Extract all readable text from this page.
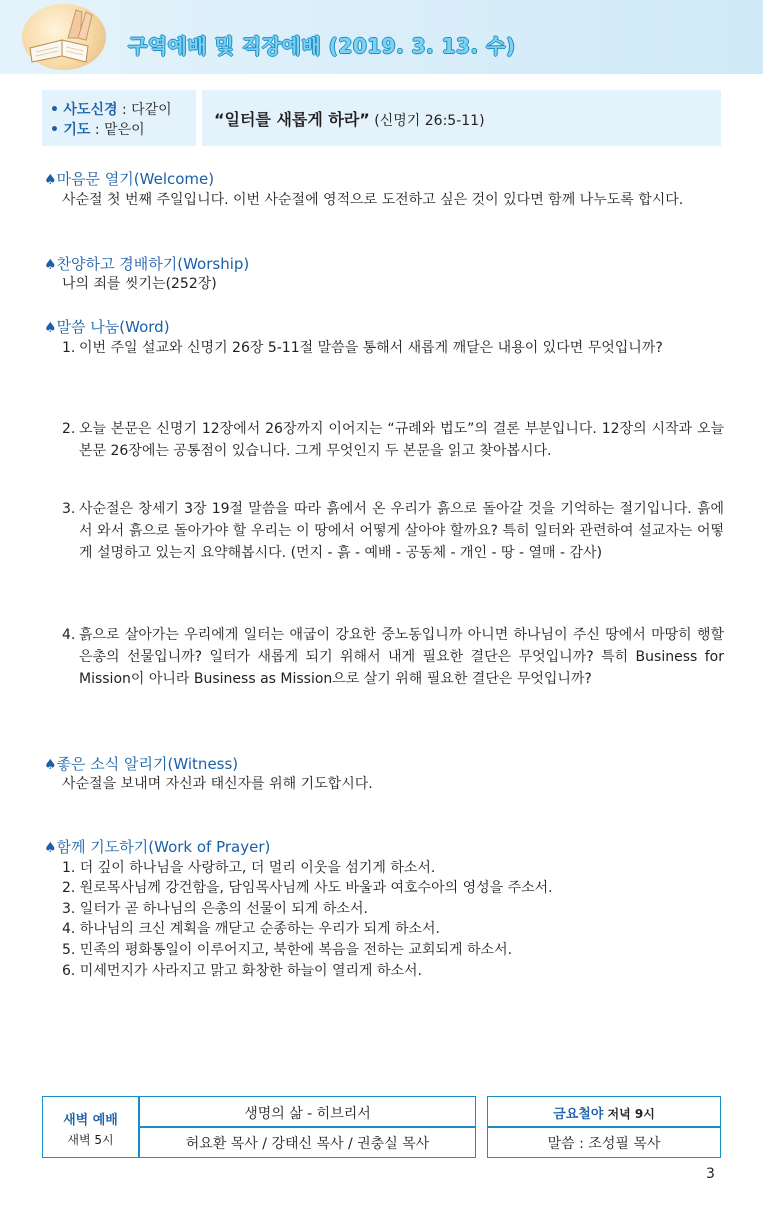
구역예배 및 직장예배 (2019. 3. 13. 수)
• 사도신경 : 다같이
• 기도 : 맡은이
“일터를 새롭게 하라” (신명기 26:5-11)
♠마음문 열기(Welcome)
사순절 첫 번째 주일입니다. 이번 사순절에 영적으로 도전하고 싶은 것이 있다면 함께 나누도록 합시다.
♠찬양하고 경배하기(Worship)
나의 죄를 씻기는(252장)
♠말씀 나눔(Word)
1. 이번 주일 설교와 신명기 26장 5-11절 말씀을 통해서 새롭게 깨달은 내용이 있다면 무엇입니까?
2. 오늘 본문은 신명기 12장에서 26장까지 이어지는 “규례와 법도”의 결론 부분입니다. 12장의 시작과 오늘 본문 26장에는 공통점이 있습니다. 그게 무엇인지 두 본문을 읽고 찾아봅시다.
3. 사순절은 창세기 3장 19절 말씀을 따라 흙에서 온 우리가 흙으로 돌아갈 것을 기억하는 절기입니다. 흙에서 와서 흙으로 돌아가야 할 우리는 이 땅에서 어떻게 살아야 할까요? 특히 일터와 관련하여 설교자는 어떻게 설명하고 있는지 요약해봅시다. (먼지 - 흙 - 예배 - 공동체 - 개인 - 땅 - 열매 - 감사)
4. 흙으로 살아가는 우리에게 일터는 애굽이 강요한 중노동입니까 아니면 하나님이 주신 땅에서 마땅히 행할 은총의 선물입니까? 일터가 새롭게 되기 위해서 내게 필요한 결단은 무엇입니까? 특히 Business for Mission이 아니라 Business as Mission으로 살기 위해 필요한 결단은 무엇입니까?
♠좋은 소식 알리기(Witness)
사순절을 보내며 자신과 태신자를 위해 기도합시다.
♠함께 기도하기(Work of Prayer)
1. 더 깊이 하나님을 사랑하고, 더 멀리 이웃을 섬기게 하소서.
2. 원로목사님께 강건함을, 담임목사님께 사도 바울과 여호수아의 영성을 주소서.
3. 일터가 곧 하나님의 은총의 선물이 되게 하소서.
4. 하나님의 크신 계획을 깨닫고 순종하는 우리가 되게 하소서.
5. 민족의 평화통일이 이루어지고, 북한에 복음을 전하는 교회되게 하소서.
6. 미세먼지가 사라지고 맑고 화창한 하늘이 열리게 하소서.
새벽 예배
새벽 5시
생명의 삶 - 히브리서
허요환 목사 / 강태신 목사 / 권충실 목사
금요철야 저녁 9시
말씀 : 조성필 목사
3
